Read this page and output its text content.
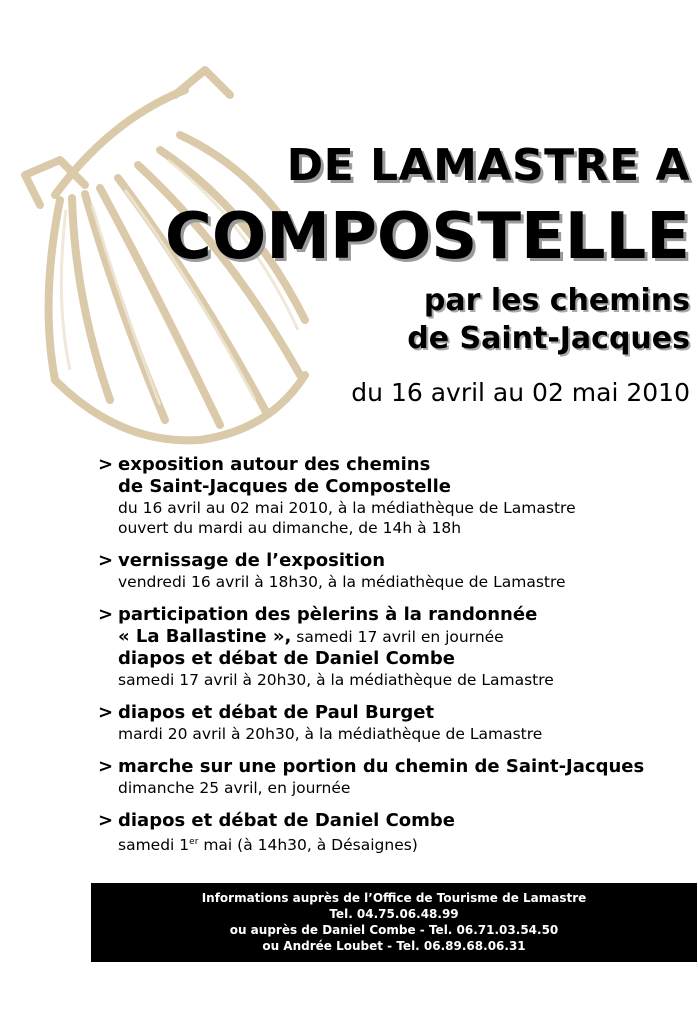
DE LAMASTRE A
COMPOSTELLE
par les chemins
de Saint-Jacques
du 16 avril au 02 mai 2010
> exposition autour des chemins
de Saint-Jacques de Compostelle
du 16 avril au 02 mai 2010, à la médiathèque de Lamastre
ouvert du mardi au dimanche, de 14h à 18h
> vernissage de l’exposition
vendredi 16 avril à 18h30, à la médiathèque de Lamastre
> participation des pèlerins à la randonnée
« La Ballastine », samedi 17 avril en journée
diapos et débat de Daniel Combe
samedi 17 avril à 20h30, à la médiathèque de Lamastre
> diapos et débat de Paul Burget
mardi 20 avril à 20h30, à la médiathèque de Lamastre
> marche sur une portion du chemin de Saint-Jacques
dimanche 25 avril, en journée
> diapos et débat de Daniel Combe
samedi 1er mai (à 14h30, à Désaignes)
Informations auprès de l’Office de Tourisme de Lamastre
Tel. 04.75.06.48.99
ou auprès de Daniel Combe - Tel. 06.71.03.54.50
ou Andrée Loubet - Tel. 06.89.68.06.31
